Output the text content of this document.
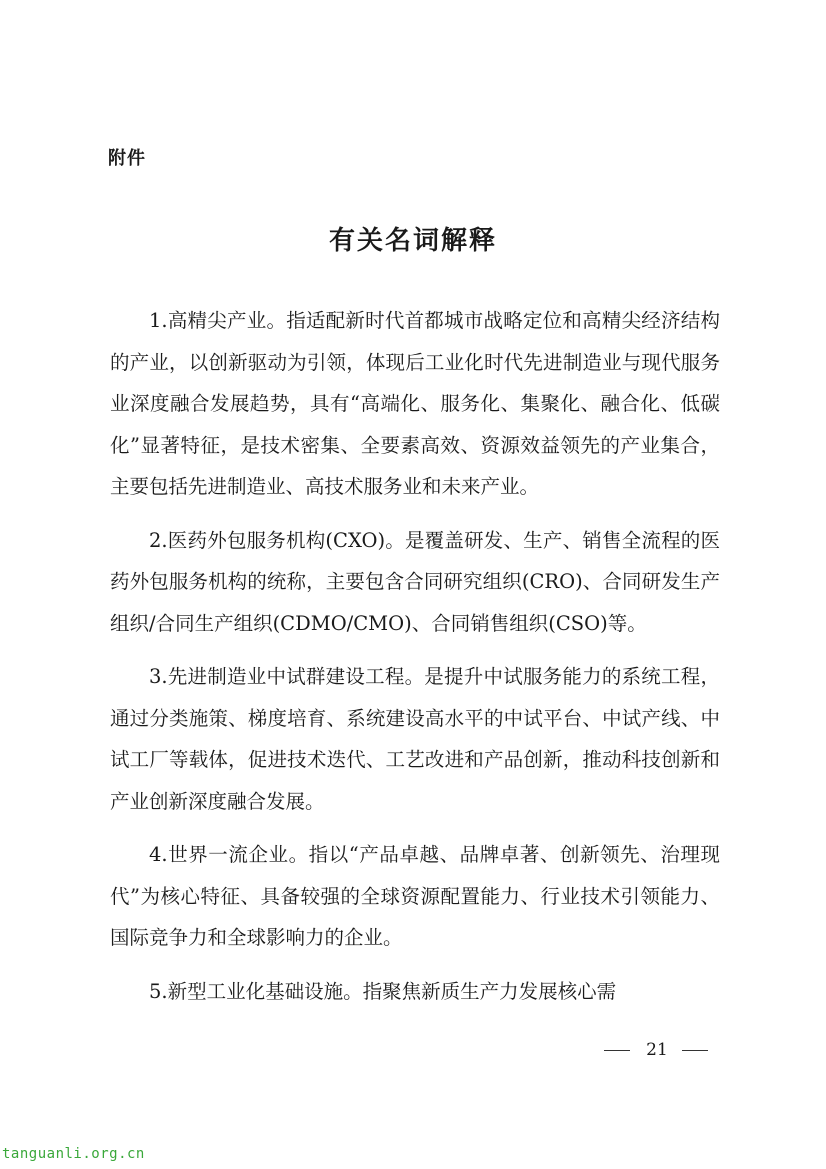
附件
有关名词解释

1.高精尖产业。指适配新时代首都城市战略定位和高精尖经济结构的产业，以创新驱动为引领，体现后工业化时代先进制造业与现代服务业深度融合发展趋势，具有“高端化、服务化、集聚化、融合化、低碳化”显著特征，是技术密集、全要素高效、资源效益领先的产业集合，主要包括先进制造业、高技术服务业和未来产业。

2.医药外包服务机构(CXO)。是覆盖研发、生产、销售全流程的医药外包服务机构的统称，主要包含合同研究组织(CRO)、合同研发生产组织/合同生产组织(CDMO/CMO)、合同销售组织(CSO)等。

3.先进制造业中试群建设工程。是提升中试服务能力的系统工程，通过分类施策、梯度培育、系统建设高水平的中试平台、中试产线、中试工厂等载体，促进技术迭代、工艺改进和产品创新，推动科技创新和产业创新深度融合发展。

4.世界一流企业。指以“产品卓越、品牌卓著、创新领先、治理现代”为核心特征、具备较强的全球资源配置能力、行业技术引领能力、国际竞争力和全球影响力的企业。

5.新型工业化基础设施。指聚焦新质生产力发展核心需

21
tanguanli.org.cn
